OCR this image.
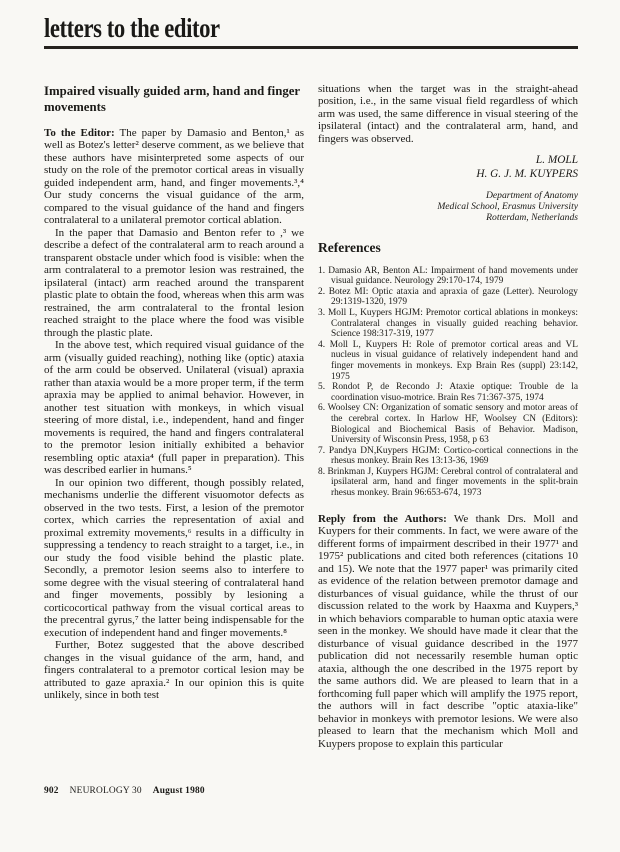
letters to the editor
Impaired visually guided arm, hand and finger movements

To the Editor: The paper by Damasio and Benton,¹ as well as Botez's letter² deserve comment, as we believe that these authors have misinterpreted some aspects of our study on the role of the premotor cortical areas in visually guided independent arm, hand, and finger movements.³,⁴ Our study concerns the visual guidance of the arm, compared to the visual guidance of the hand and fingers contralateral to a unilateral premotor cortical ablation.

In the paper that Damasio and Benton refer to ,³ we describe a defect of the contralateral arm to reach around a transparent obstacle under which food is visible: when the arm contralateral to a premotor lesion was restrained, the ipsilateral (intact) arm reached around the transparent plastic plate to obtain the food, whereas when this arm was restrained, the arm contralateral to the frontal lesion reached straight to the place where the food was visible through the plastic plate.

In the above test, which required visual guidance of the arm (visually guided reaching), nothing like (optic) ataxia of the arm could be observed. Unilateral (visual) apraxia rather than ataxia would be a more proper term, if the term apraxia may be applied to animal behavior. However, in another test situation with monkeys, in which visual steering of more distal, i.e., independent, hand and finger movements is required, the hand and fingers contralateral to the premotor lesion initially exhibited a behavior resembling optic ataxia⁴ (full paper in preparation). This was described earlier in humans.⁵

In our opinion two different, though possibly related, mechanisms underlie the different visuomotor defects as observed in the two tests. First, a lesion of the premotor cortex, which carries the representation of axial and proximal extremity movements,⁶ results in a difficulty in suppressing a tendency to reach straight to a target, i.e., in our study the food visible behind the plastic plate. Secondly, a premotor lesion seems also to interfere to some degree with the visual steering of contralateral hand and finger movements, possibly by lesioning a corticocortical pathway from the visual cortical areas to the precentral gyrus,⁷ the latter being indispensable for the execution of independent hand and finger movements.⁸

Further, Botez suggested that the above described changes in the visual guidance of the arm, hand, and fingers contralateral to a premotor cortical lesion may be attributed to gaze apraxia.² In our opinion this is quite unlikely, since in both test

situations when the target was in the straight-ahead position, i.e., in the same visual field regardless of which arm was used, the same difference in visual steering of the ipsilateral (intact) and the contralateral arm, hand, and fingers was observed.

L. MOLL
H. G. J. M. KUYPERS
Department of Anatomy
Medical School, Erasmus University
Rotterdam, Netherlands
References
1. Damasio AR, Benton AL: Impairment of hand movements under visual guidance. Neurology 29:170-174, 1979
2. Botez MI: Optic ataxia and apraxia of gaze (Letter). Neurology 29:1319-1320, 1979
3. Moll L, Kuypers HGJM: Premotor cortical ablations in monkeys: Contralateral changes in visually guided reaching behavior. Science 198:317-319, 1977
4. Moll L, Kuypers H: Role of premotor cortical areas and VL nucleus in visual guidance of relatively independent hand and finger movements in monkeys. Exp Brain Res (suppl) 23:142, 1975
5. Rondot P, de Recondo J: Ataxie optique: Trouble de la coordination visuo-motrice. Brain Res 71:367-375, 1974
6. Woolsey CN: Organization of somatic sensory and motor areas of the cerebral cortex. In Harlow HF, Woolsey CN (Editors): Biological and Biochemical Basis of Behavior. Madison, University of Wisconsin Press, 1958, p 63
7. Pandya DN,Kuypers HGJM: Cortico-cortical connections in the rhesus monkey. Brain Res 13:13-36, 1969
8. Brinkman J, Kuypers HGJM: Cerebral control of contralateral and ipsilateral arm, hand and finger movements in the split-brain rhesus monkey. Brain 96:653-674, 1973

Reply from the Authors: We thank Drs. Moll and Kuypers for their comments. In fact, we were aware of the different forms of impairment described in their 1977¹ and 1975² publications and cited both references (citations 10 and 15). We note that the 1977 paper¹ was primarily cited as evidence of the relation between premotor damage and disturbances of visual guidance, while the thrust of our discussion related to the work by Haaxma and Kuypers,³ in which behaviors comparable to human optic ataxia were seen in the monkey. We should have made it clear that the disturbance of visual guidance described in the 1977 publication did not necessarily resemble human optic ataxia, although the one described in the 1975 report by the same authors did. We are pleased to learn that in a forthcoming full paper which will amplify the 1975 report, the authors will in fact describe "optic ataxia-like" behavior in monkeys with premotor lesions. We were also pleased to learn that the mechanism which Moll and Kuypers propose to explain this particular

902 NEUROLOGY 30 August 1980
